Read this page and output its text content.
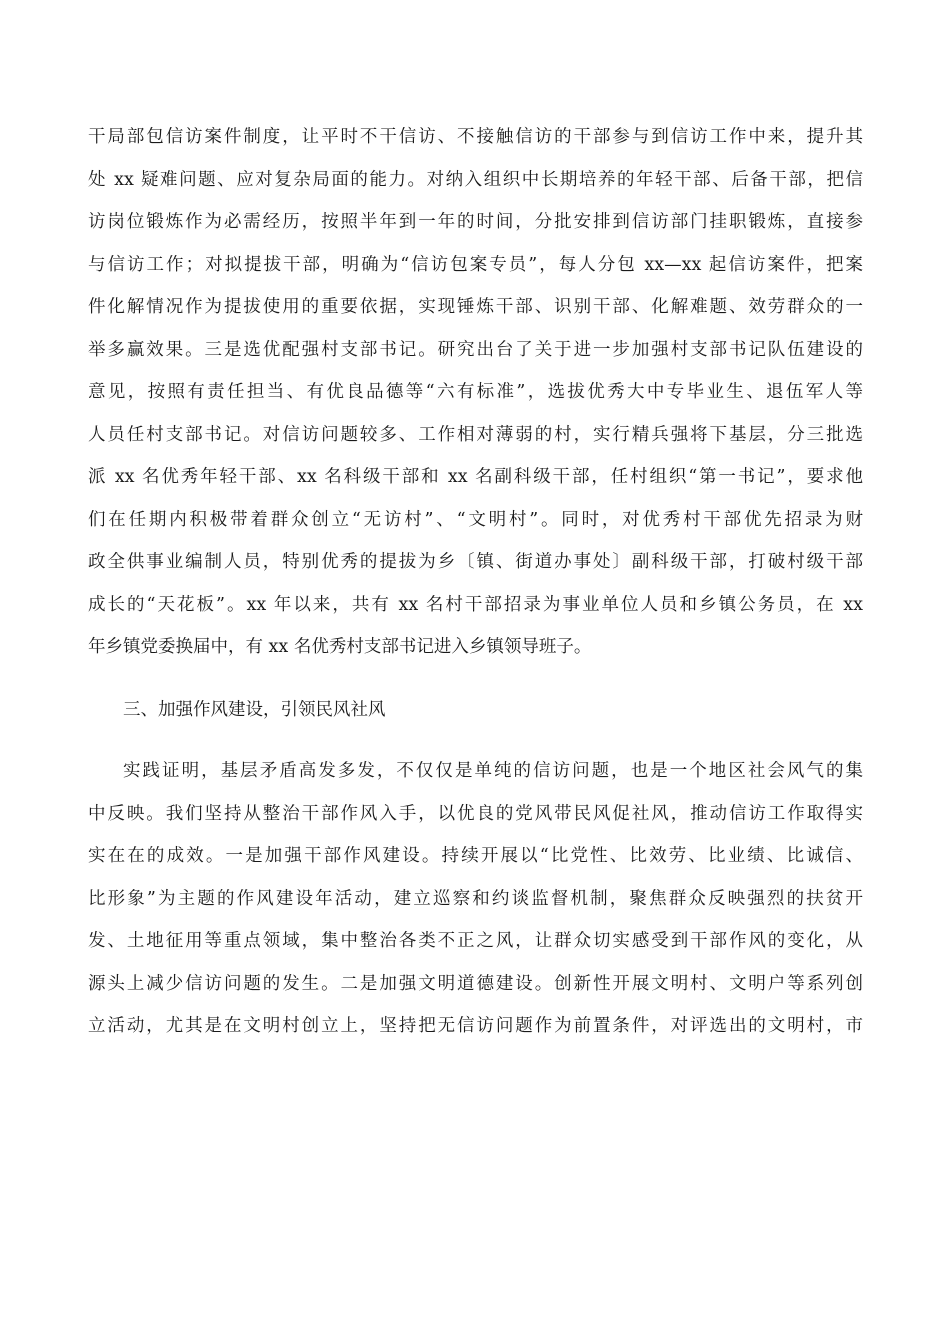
干局部包信访案件制度，让平时不干信访、不接触信访的干部参与到信访工作中来，提升其
处 xx 疑难问题、应对复杂局面的能力。对纳入组织中长期培养的年轻干部、后备干部，把信
访岗位锻炼作为必需经历，按照半年到一年的时间，分批安排到信访部门挂职锻炼，直接参
与信访工作；对拟提拔干部，明确为“信访包案专员”，每人分包 xx—xx 起信访案件，把案
件化解情况作为提拔使用的重要依据，实现锤炼干部、识别干部、化解难题、效劳群众的一
举多赢效果。三是选优配强村支部书记。研究出台了关于进一步加强村支部书记队伍建设的
意见，按照有责任担当、有优良品德等“六有标准”，选拔优秀大中专毕业生、退伍军人等
人员任村支部书记。对信访问题较多、工作相对薄弱的村，实行精兵强将下基层，分三批选
派 xx 名优秀年轻干部、xx 名科级干部和 xx 名副科级干部，任村组织“第一书记”，要求他
们在任期内积极带着群众创立“无访村”、“文明村”。同时，对优秀村干部优先招录为财
政全供事业编制人员，特别优秀的提拔为乡〔镇、街道办事处〕副科级干部，打破村级干部
成长的“天花板”。xx 年以来，共有 xx 名村干部招录为事业单位人员和乡镇公务员，在 xx
年乡镇党委换届中，有 xx 名优秀村支部书记进入乡镇领导班子。
三、加强作风建设，引领民风社风
实践证明，基层矛盾高发多发，不仅仅是单纯的信访问题，也是一个地区社会风气的集
中反映。我们坚持从整治干部作风入手，以优良的党风带民风促社风，推动信访工作取得实
实在在的成效。一是加强干部作风建设。持续开展以“比党性、比效劳、比业绩、比诚信、
比形象”为主题的作风建设年活动，建立巡察和约谈监督机制，聚焦群众反映强烈的扶贫开
发、土地征用等重点领域，集中整治各类不正之风，让群众切实感受到干部作风的变化，从
源头上减少信访问题的发生。二是加强文明道德建设。创新性开展文明村、文明户等系列创
立活动，尤其是在文明村创立上，坚持把无信访问题作为前置条件，对评选出的文明村，市
